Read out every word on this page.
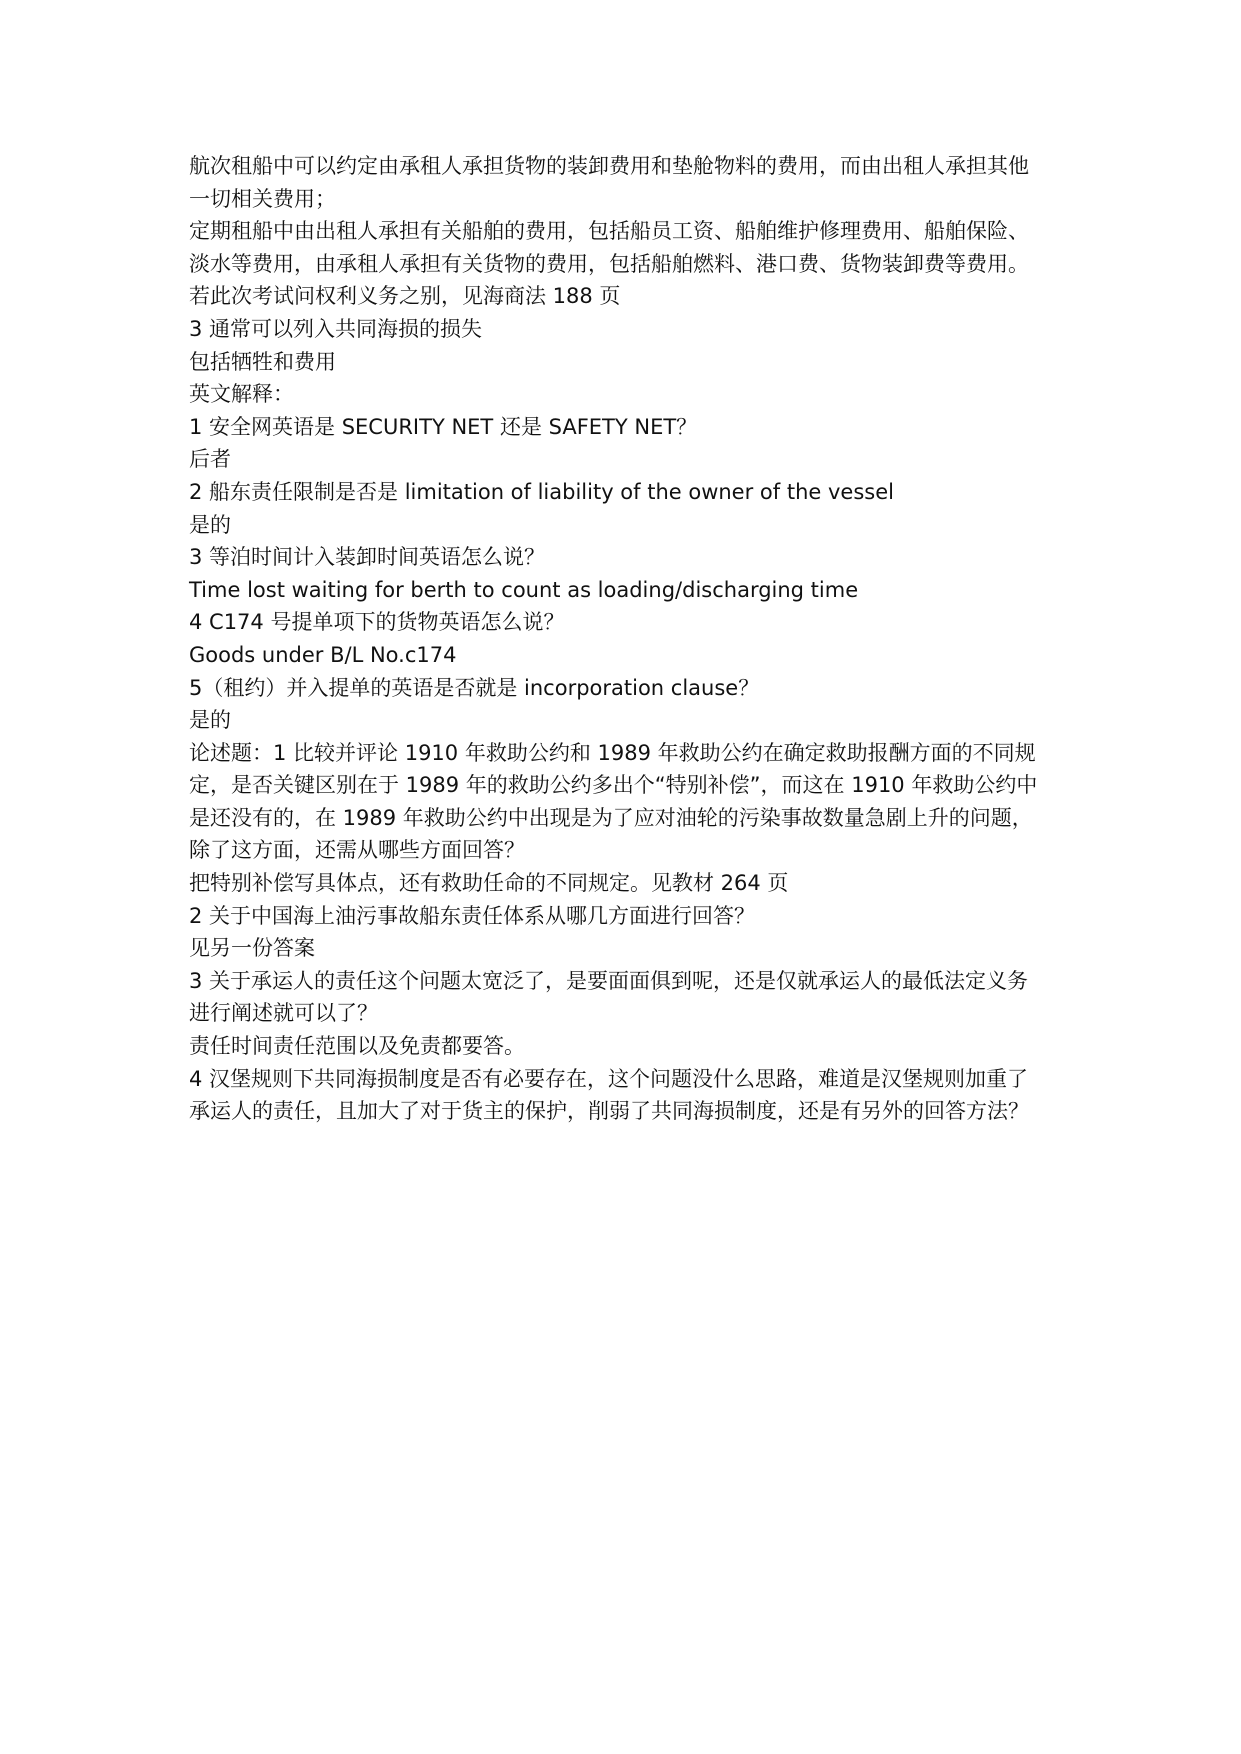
航次租船中可以约定由承租人承担货物的装卸费用和垫舱物料的费用，而由出租人承担其他
一切相关费用；
定期租船中由出租人承担有关船舶的费用，包括船员工资、船舶维护修理费用、船舶保险、
淡水等费用，由承租人承担有关货物的费用，包括船舶燃料、港口费、货物装卸费等费用。
若此次考试问权利义务之别，见海商法 188 页
3 通常可以列入共同海损的损失
包括牺牲和费用
英文解释：
1 安全网英语是 SECURITY NET 还是 SAFETY NET？
后者
2 船东责任限制是否是 limitation of liability of the owner of the vessel
是的
3 等泊时间计入装卸时间英语怎么说？
Time lost waiting for berth to count as loading/discharging time
4 C174 号提单项下的货物英语怎么说？
Goods under B/L No.c174
5（租约）并入提单的英语是否就是 incorporation clause？
是的
论述题：1 比较并评论 1910 年救助公约和 1989 年救助公约在确定救助报酬方面的不同规
定，是否关键区别在于 1989 年的救助公约多出个“特别补偿”，而这在 1910 年救助公约中
是还没有的，在 1989 年救助公约中出现是为了应对油轮的污染事故数量急剧上升的问题，
除了这方面，还需从哪些方面回答？
把特别补偿写具体点，还有救助任命的不同规定。见教材 264 页
2 关于中国海上油污事故船东责任体系从哪几方面进行回答？
见另一份答案
3 关于承运人的责任这个问题太宽泛了，是要面面俱到呢，还是仅就承运人的最低法定义务
进行阐述就可以了？
责任时间责任范围以及免责都要答。
4 汉堡规则下共同海损制度是否有必要存在，这个问题没什么思路，难道是汉堡规则加重了
承运人的责任，且加大了对于货主的保护，削弱了共同海损制度，还是有另外的回答方法？
